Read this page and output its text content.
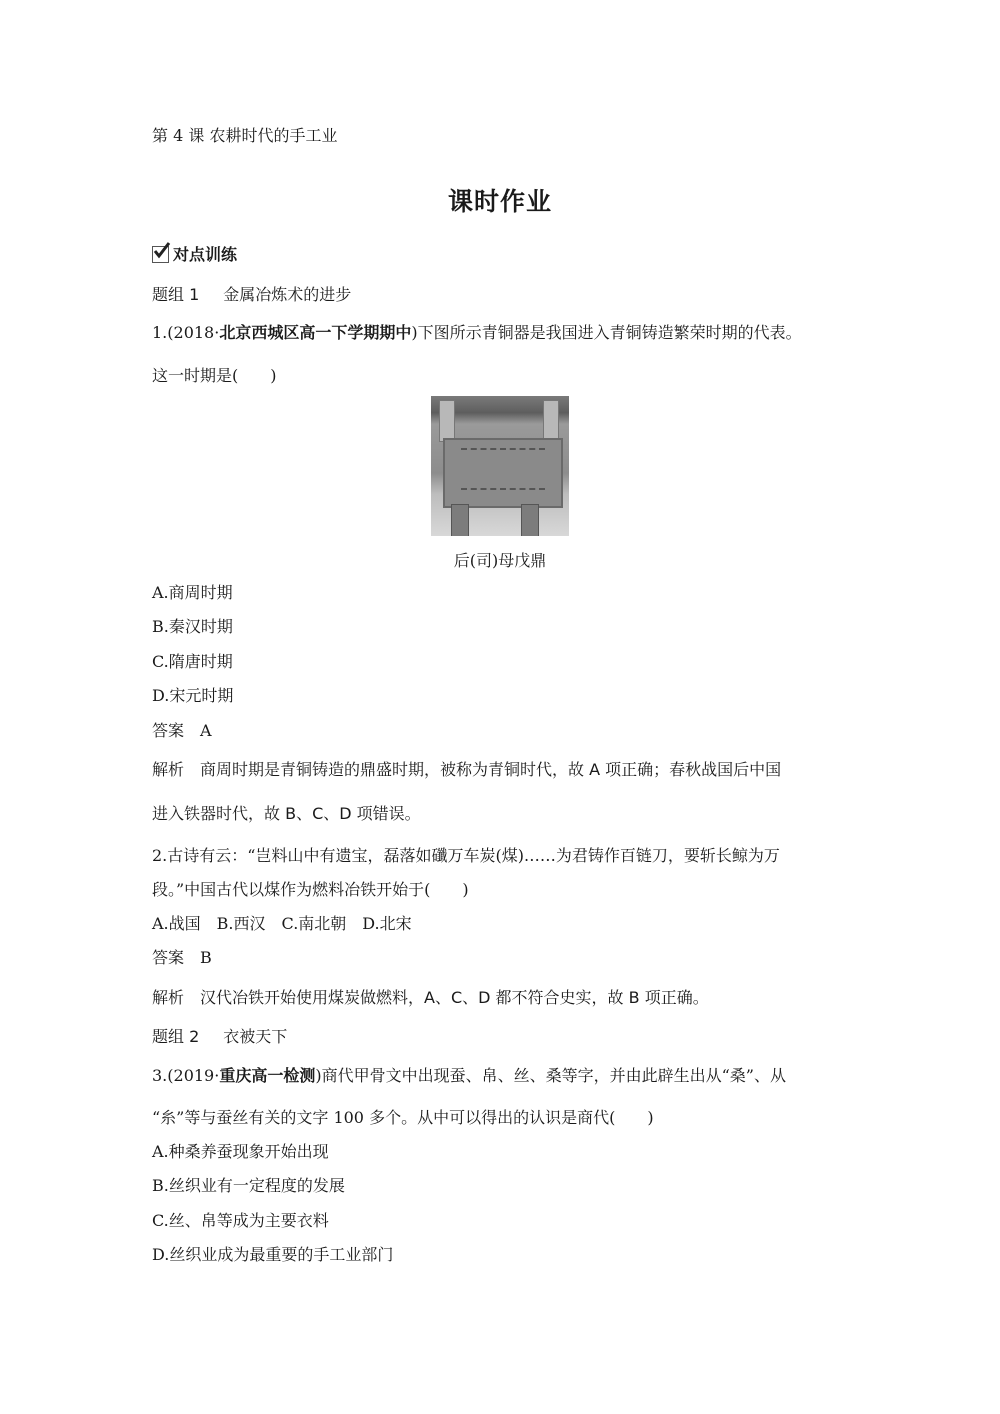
第 4 课 农耕时代的手工业
课时作业
对点训练
题组 1 金属冶炼术的进步
1.(2018·北京西城区高一下学期期中)下图所示青铜器是我国进入青铜铸造繁荣时期的代表。
这一时期是(　　)
后(司)母戊鼎
A.商周时期
B.秦汉时期
C.隋唐时期
D.宋元时期
答案 A
解析 商周时期是青铜铸造的鼎盛时期，被称为青铜时代，故 A 项正确；春秋战国后中国
进入铁器时代，故 B、C、D 项错误。
2.古诗有云：“岂料山中有遗宝，磊落如䃸万车炭(煤)……为君铸作百链刀，要斩长鲸为万
段。”中国古代以煤作为燃料冶铁开始于(　　)
A.战国 B.西汉 C.南北朝 D.北宋
答案 B
解析 汉代冶铁开始使用煤炭做燃料，A、C、D 都不符合史实，故 B 项正确。
题组 2 衣被天下
3.(2019·重庆高一检测)商代甲骨文中出现蚕、帛、丝、桑等字，并由此辟生出从“桑”、从
“糸”等与蚕丝有关的文字 100 多个。从中可以得出的认识是商代(　　)
A.种桑养蚕现象开始出现
B.丝织业有一定程度的发展
C.丝、帛等成为主要衣料
D.丝织业成为最重要的手工业部门
